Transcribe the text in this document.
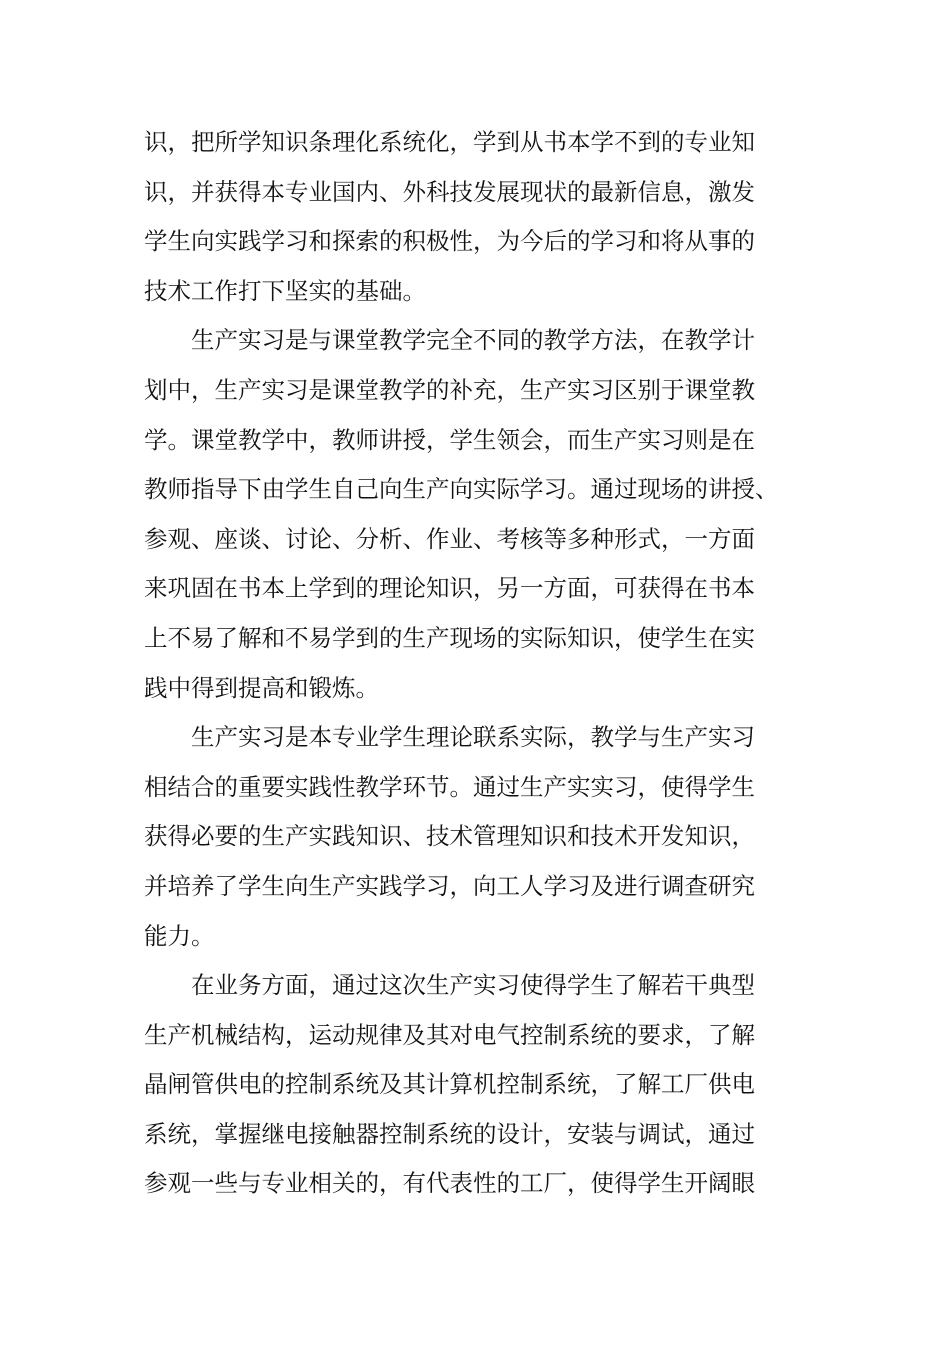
识，把所学知识条理化系统化，学到从书本学不到的专业知
识，并获得本专业国内、外科技发展现状的最新信息，激发
学生向实践学习和探索的积极性，为今后的学习和将从事的
技术工作打下坚实的基础。
生产实习是与课堂教学完全不同的教学方法，在教学计
划中，生产实习是课堂教学的补充，生产实习区别于课堂教
学。课堂教学中，教师讲授，学生领会，而生产实习则是在
教师指导下由学生自己向生产向实际学习。通过现场的讲授、
参观、座谈、讨论、分析、作业、考核等多种形式，一方面
来巩固在书本上学到的理论知识，另一方面，可获得在书本
上不易了解和不易学到的生产现场的实际知识，使学生在实
践中得到提高和锻炼。
生产实习是本专业学生理论联系实际，教学与生产实习
相结合的重要实践性教学环节。通过生产实实习，使得学生
获得必要的生产实践知识、技术管理知识和技术开发知识，
并培养了学生向生产实践学习，向工人学习及进行调查研究
能力。
在业务方面，通过这次生产实习使得学生了解若干典型
生产机械结构，运动规律及其对电气控制系统的要求，了解
晶闸管供电的控制系统及其计算机控制系统，了解工厂供电
系统，掌握继电接触器控制系统的设计，安装与调试，通过
参观一些与专业相关的，有代表性的工厂，使得学生开阔眼
